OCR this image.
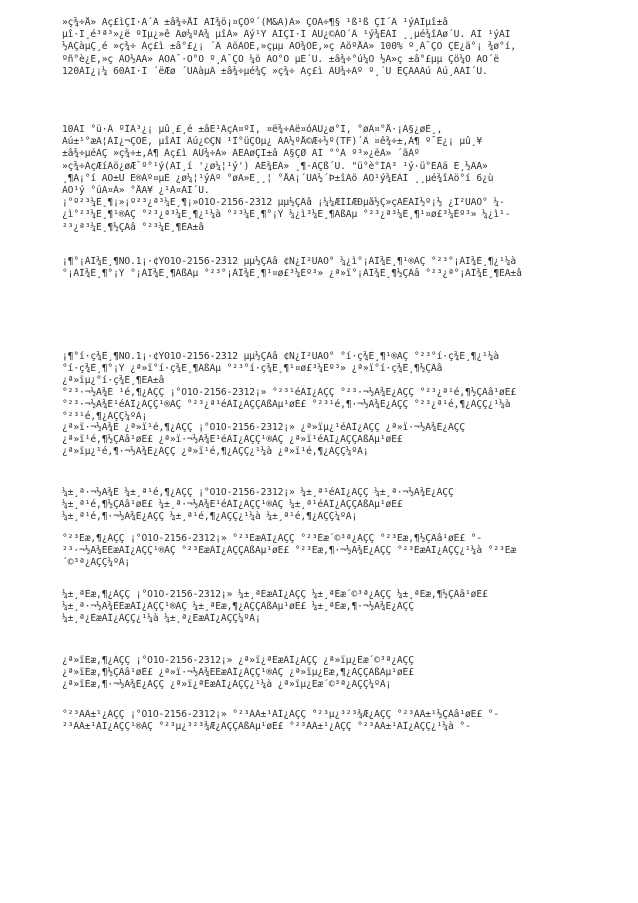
»ç¾÷Å» Àç£ìÇÎ·À´Â ±â¾÷ÅÌ ÀÎ¾ö¡¤ÇÕº´(M&A)À» ÇÒÁ÷¶§ ¹ß¹ß ÇÏ´Â ¹ýÀÎµî±â
µî·Ï¸é³ª³»¿ë ºÎµ¿»ê Áø¼ºÀ¾ µîÀ» Àý¹Ý ÀÌÇÏ·Î ÁÙ¿©ÁÖ´Â ¹ý¾ÈÀÌ ¸¸µé¾îÁø´Ù. ÀÌ ¹ýÀÌ
½ÃÇàµÇ¸é »ç¾÷ Àç£ì ±â°£¿¡ ´Â ÃöÀÖÈ,»çµµ ÀÔ¾ÖÈ,»ç ÀöºÅÀ» 100% º¸Á¯ÇÒ ÇÊ¿ä°¡ ¾ø°í,
ºñ°è¿È,»ç ÀÕ½ÃÀ» ÀÖÁ¯·Ó°Ô º¸Á¯ÇÒ ¼ö ÀÖ°Ô µÈ´Ù. ±â¾÷°ú¼Ò ½Ã»ç ±â°£µµ Çö¼Ò ÀÖ´ë
120ÀÏ¿¡¼ 60ÀÏ·Î ´ëÆø ´ÜÃàµÂ ±â¾÷µé¾Ç »ç¾÷ Àç£ì ÀÛ¾÷Àº º¸´Ù ÈÇÃÄÀú Áú¸ÀÀÌ´Ù.
10ÀÏ °ü·Â ºÎÃ³¿¡ µû¸£¸é ±âÈ¹ÀçÁ¤ºÎ, ¤ë¾÷Àë¤óÀÚ¿ø°Î, °øÁ¤°Å·¡À§¿øÈ¸,
Áú±¹°æÀ¦ÀÌ¿¬ÇÕÈ, µîÀÌ Âú¿©ÇÑ ¹Î°üÇÕµ¿ ÃÃ½ºÅ©Æ÷½º(TF)´Â ¤ê¾÷±,À¶ º¯È¿¡ µû¸¥
±â¾÷µéÀÇ »ç¾÷±,À¶ Àç£ì ÀÛ¾÷À» ÃËÁøÇÏ±â À§ÇØ ÀÌ °°À º³»¿ëÀ» ´ãÀº
»ç¾÷ÀçÆíÁö¿øÆ¯º°¹ý(ÀÏ¸í '¿ø¼¦¹ý') ÃÊ¾ÈÀ» ¸¶·ÃÇß´Ù. "ü°è°ÎÃ³ ¹ý·ü°ÈÀä È¸½ÃÀ»
¸¶Ä¡°í ÃÖ±Ù Ë®Àº¤µÈ ¿ø¼¦¹ýÀº °øÃ»È¸¸¦ °ÅÄ¡´ÜÀ½´Þ±îÁö ÀÔ¹ý¾ÈÀÌ ¸¸µé¾îÁö°í 6¿ù
ÀÓ¹ý °úÁ¤À» °ÅÄ¥ ¿¹Á¤ÀÌ´Ù.
¡°º²³¼È¸¶¡»¡º²³¿ª³¼È¸¶¡»O1O-2156-2312 µµ½ÇÂâ ¡¼¼ÆÌÌÆÐµå½Ç»çÄÊÀÌ½º¡½ ¿Î²ÛÄÖ° ¼-
¿ì°²³¼È¸¶¹®ÀÇ °²³¿ª³¼È¸¶¿¹¼à °²³¼È¸¶°¡Ý ¼¿ì³¼È¸¶ÃßÃµ °²³¿ª³¼È¸¶¹¤ø£³¼Èº³» ¼¿ì¹-
²³¿ª³¼È¸¶½ÇÂâ °²³¼È¸¶ÈÄ±â
¡¶°¡ÀÎ¾È¸¶NO.1¡·¢ÝO1O-2156-2312 µµ½ÇÂâ ¢Ñ¿Î²ÛÄÖ° ¼¿ì°¡ÀÎ¾È¸¶¹®ÀÇ °²³°¡ÀÎ¾È¸¶¿¹¼à
°¡ÀÎ¾È¸¶°¡Ý °¡ÀÎ¾È¸¶ÃßÃµ °²³°¡ÀÎ¾È¸¶¹¤ø£³¼Èº³» ¿ª»ï°¡ÀÎ¾È¸¶½ÇÂâ °²³¿ª°¡ÀÎ¾È¸¶ÈÄ±â
¡¶°í·ç¾È¸¶NO.1¡·¢ÝO1O-2156-2312 µµ½ÇÂâ ¢Ñ¿Î²ÛÄÖ° °í·ç¾È¸¶¹®ÀÇ °²³°í·ç¾È¸¶¿¹¼à
°í·ç¾È¸¶°¡Ý ¿ª»ï°í·ç¾È¸¶ÃßÃµ °²³°í·ç¾È¸¶¹¤ø£³¼Èº³» ¿ª»ï°í·ç¾È¸¶½ÇÂâ
¿ª»ïµ¿°í·ç¾È¸¶ÈÄ±â
°²³·¬½Ã¾È ¹é,¶¿ÀÇÇ ¡°O1O-2156-2312¡» °²³¹éÀÎ¿ÀÇÇ °²³·¬½Ã¾È¿ÀÇÇ °²³¿ª¹é,¶½ÇÂâ¹øÈ£
°²³·¬½Ã¾È¹éÀÎ¿ÀÇÇ¹®ÀÇ °²³¿ª¹éÀÎ¿ÀÇÇÃßÃµ¹øÈ£ °²³¹é,¶·¬½Ã¾È¿ÀÇÇ °²³¿ª¹é,¶¿ÀÇÇ¿¹¼à
°²³¹é,¶¿ÀÇÇ¼ºÀ¡
¿ª»ï·¬½Ã¾È ¿ª»ï¹é,¶¿ÀÇÇ ¡°O1O-2156-2312¡» ¿ª»ïµ¿¹éÀÎ¿ÀÇÇ ¿ª»ï·¬½Ã¾È¿ÀÇÇ
¿ª»ï¹é,¶½ÇÂâ¹øÈ£ ¿ª»ï·¬½Ã¾È¹éÀÎ¿ÀÇÇ¹®ÀÇ ¿ª»ï¹éÀÎ¿ÀÇÇÃßÃµ¹øÈ£
¿ª»ïµ¿¹é,¶·¬½Ã¾È¿ÀÇÇ ¿ª»ï¹é,¶¿ÀÇÇ¿¹¼à ¿ª»ï¹é,¶¿ÀÇÇ¼ºÀ¡
¼±¸ª·¬½Ã¾È ¼±¸ª¹é,¶¿ÀÇÇ ¡°O1O-2156-2312¡» ¼±¸ª¹éÀÎ¿ÀÇÇ ¼±¸ª·¬½Ã¾È¿ÀÇÇ
¼±¸ª¹é,¶½ÇÂâ¹øÈ£ ¼±¸ª·¬½Ã¾È¹éÀÎ¿ÀÇÇ¹®ÀÇ ¼±¸ª¹éÀÎ¿ÀÇÇÃßÃµ¹øÈ£
¼±¸ª¹é,¶·¬½Ã¾È¿ÀÇÇ ¼±¸ª¹é,¶¿ÀÇÇ¿¹¼à ¼±¸ª¹é,¶¿ÀÇÇ¼ºÀ¡
°²³Èæ,¶¿ÀÇÇ ¡°O1O-2156-2312¡» °²³ÈæÀÎ¿ÀÇÇ °²³Èæ´©³ª¿ÀÇÇ °²³Èæ,¶½ÇÂâ¹øÈ£ °-
²³·¬½Ã¾ÈÈæÀÎ¿ÀÇÇ¹®ÀÇ °²³ÈæÀÎ¿ÀÇÇÃßÃµ¹øÈ£ °²³Èæ,¶·¬½Ã¾È¿ÀÇÇ °²³ÈæÀÎ¿ÀÇÇ¿¹¼à °²³Èæ
´©³ª¿ÀÇÇ¼ºÀ¡
¼±¸ªÈæ,¶¿ÀÇÇ ¡°O1O-2156-2312¡» ¼±¸ªÈæÀÎ¿ÀÇÇ ¼±¸ªÈæ´©³ª¿ÀÇÇ ¼±¸ªÈæ,¶½ÇÂâ¹øÈ£
¼±¸ª·¬½Ã¾ÈÈæÀÎ¿ÀÇÇ¹®ÀÇ ¼±¸ªÈæ,¶¿ÀÇÇÃßÃµ¹øÈ£ ¼±¸ªÈæ,¶·¬½Ã¾È¿ÀÇÇ
¼±¸ª¿ÈæÀÎ¿ÀÇÇ¿¹¼à ¼±¸ª¿ÈæÀÎ¿ÀÇÇ¼ºÀ¡
¿ª»ïÈæ,¶¿ÀÇÇ ¡°O1O-2156-2312¡» ¿ª»ï¿ªÈæÀÎ¿ÀÇÇ ¿ª»ïµ¿Èæ´©³ª¿ÀÇÇ
¿ª»ïÈæ,¶½ÇÂâ¹øÈ£ ¿ª»ï·¬½Ã¾ÈÈæÀÎ¿ÀÇÇ¹®ÀÇ ¿ª»ïµ¿Èæ,¶¿ÀÇÇÃßÃµ¹øÈ£
¿ª»ïÈæ,¶·¬½Ã¾È¿ÀÇÇ ¿ª»ï¿ªÈæÀÎ¿ÀÇÇ¿¹¼à ¿ª»ïµ¿Èæ´©³ª¿ÀÇÇ¼ºÀ¡
°²³ÀÂ±¹¿ÀÇÇ ¡°O1O-2156-2312¡» °²³ÀÂ±¹ÀÎ¿ÀÇÇ °²³µ¿³²³¾Æ¿ÀÇÇ °²³ÀÂ±¹½ÇÂâ¹øÈ£ °-
²³ÀÂ±¹ÀÎ¿ÀÇÇ¹®ÀÇ °²³µ¿³²³¾Æ¿ÀÇÇÃßÃµ¹øÈ£ °²³ÀÂ±¹¿ÀÇÇ °²³ÀÂ±¹ÀÎ¿ÀÇÇ¿¹¼à °-
